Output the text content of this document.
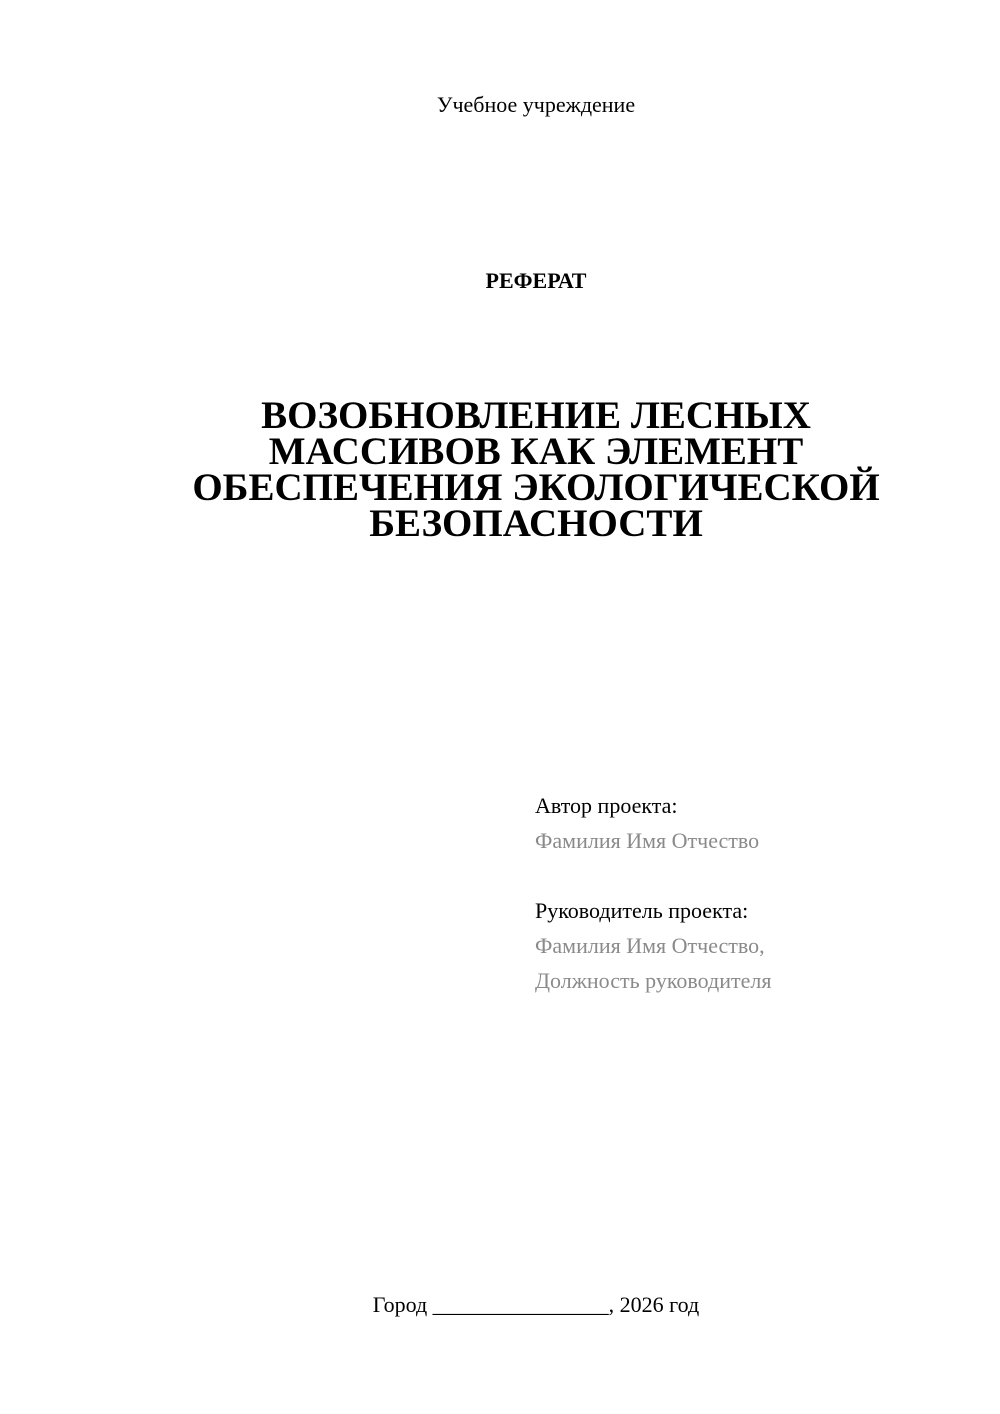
Учебное учреждение
РЕФЕРАТ
ВОЗОБНОВЛЕНИЕ ЛЕСНЫХ
МАССИВОВ КАК ЭЛЕМЕНТ
ОБЕСПЕЧЕНИЯ ЭКОЛОГИЧЕСКОЙ
БЕЗОПАСНОСТИ
Автор проекта:
Фамилия Имя Отчество
Руководитель проекта:
Фамилия Имя Отчество,
Должность руководителя
Город ________________, 2026 год
